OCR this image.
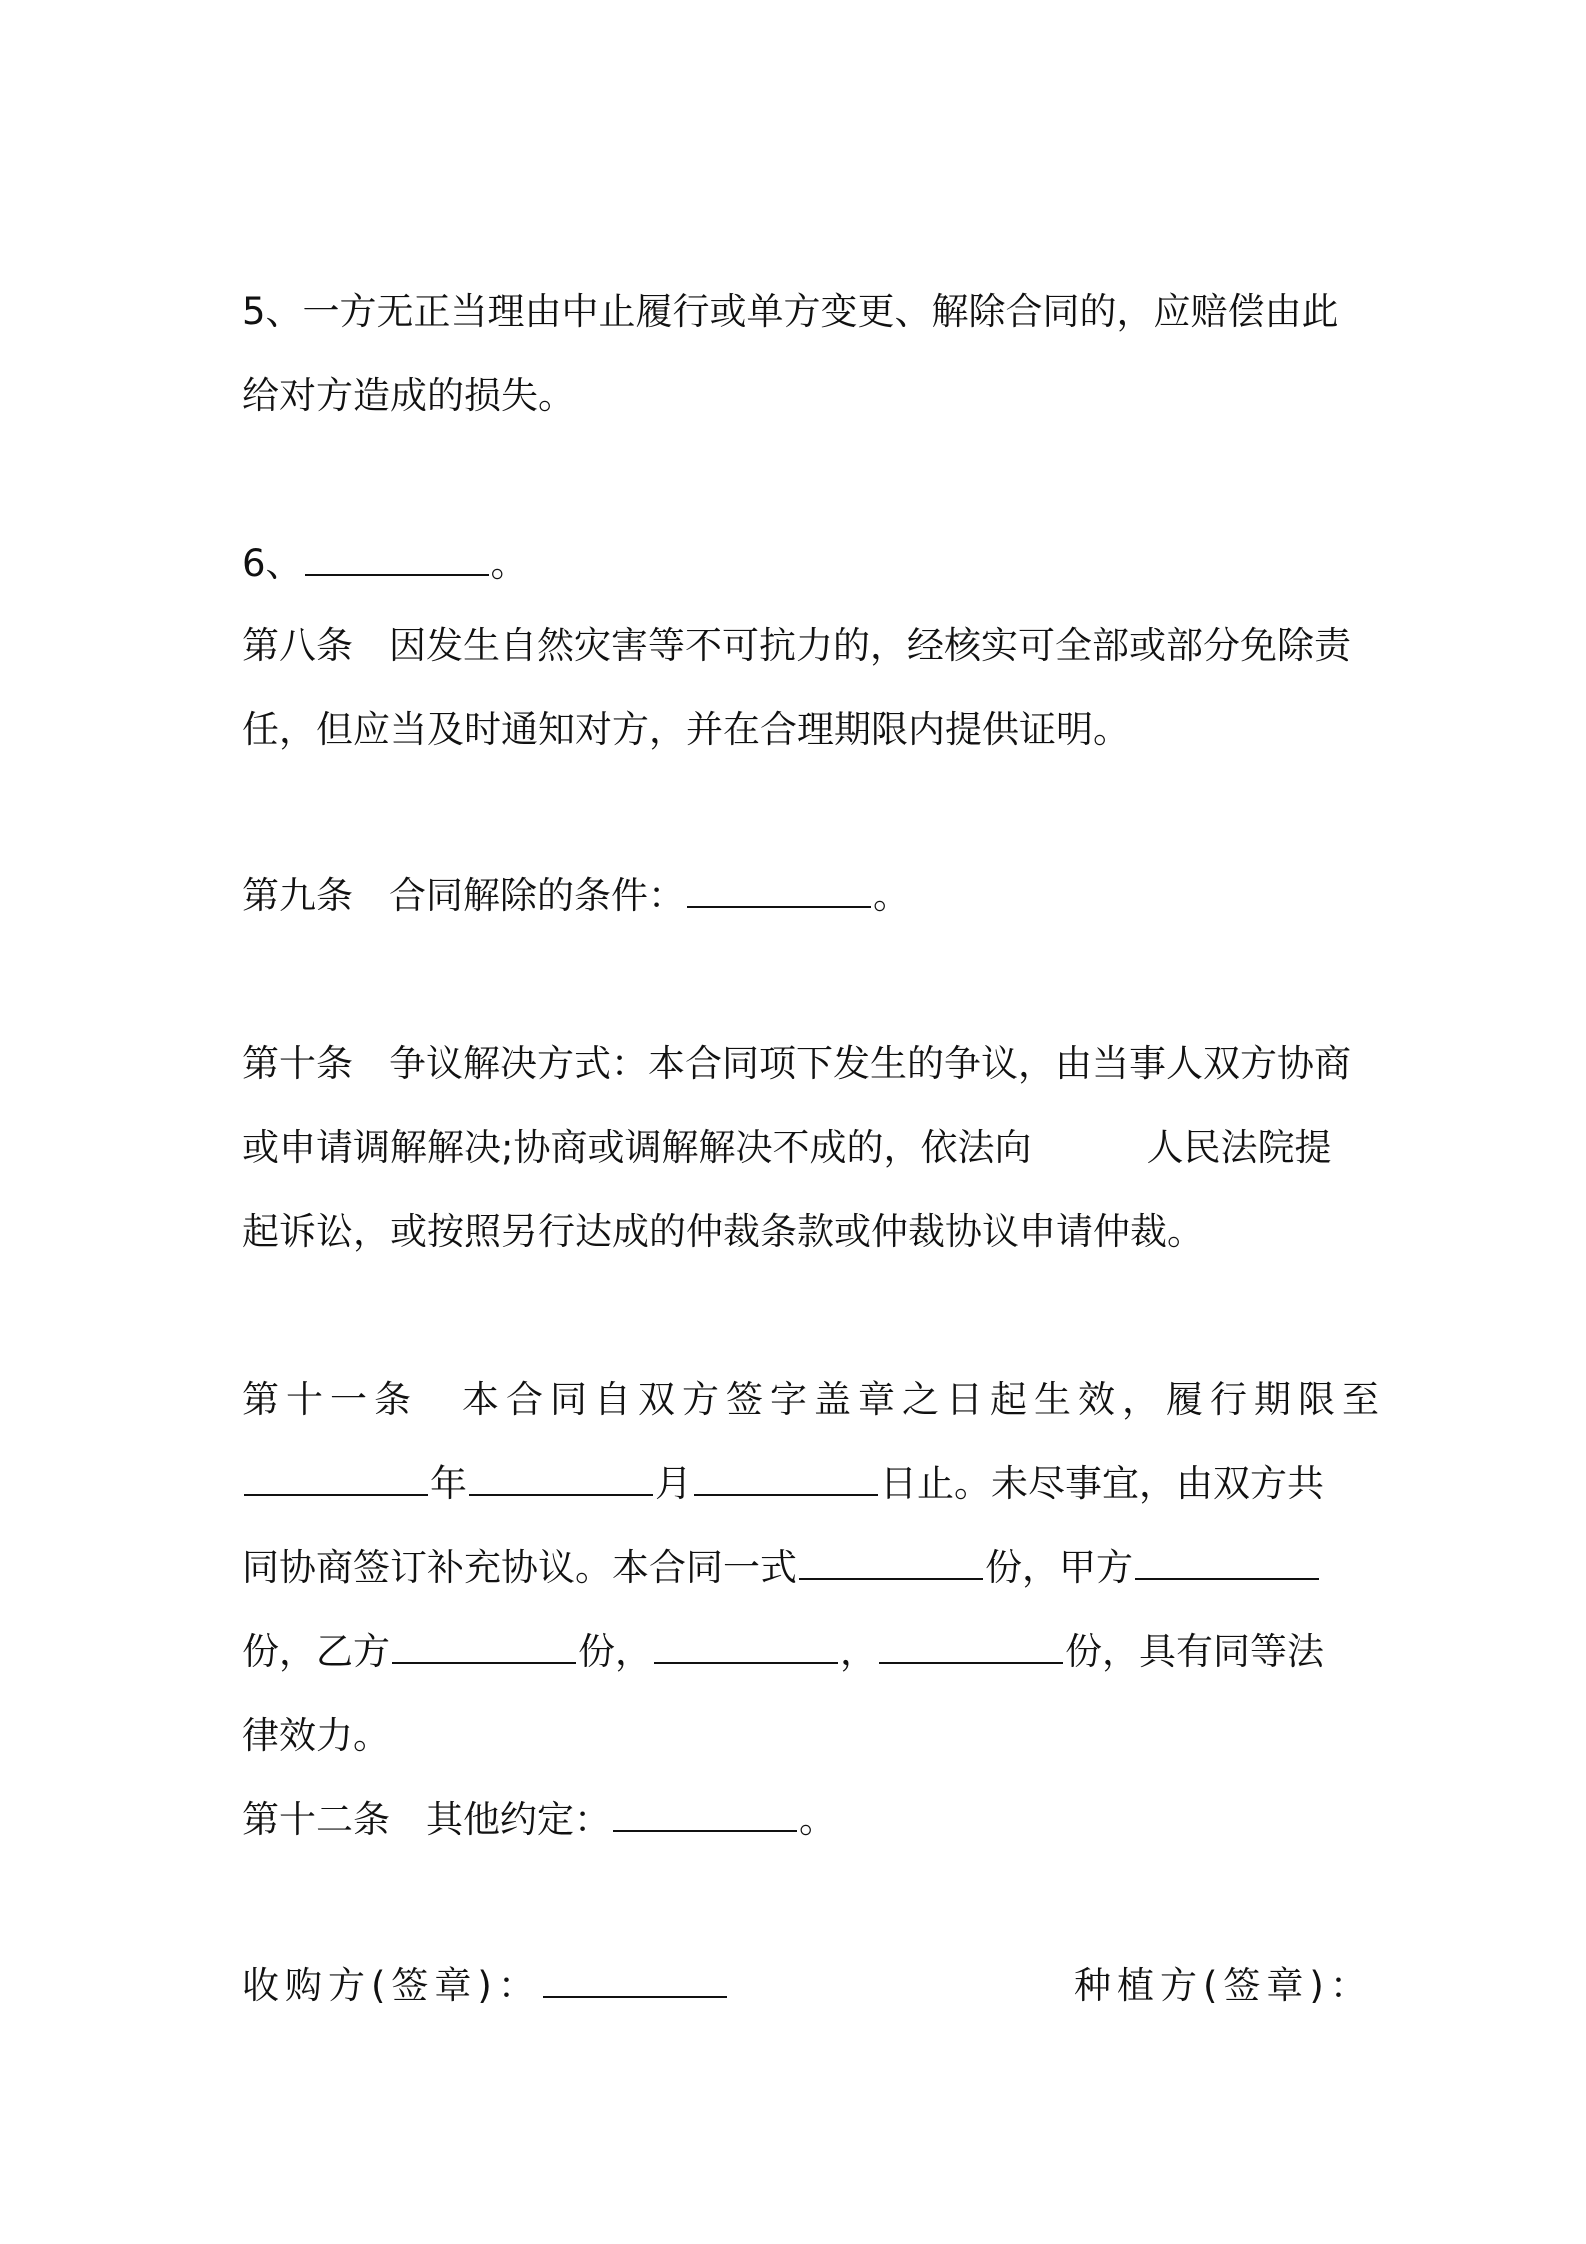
5、一方无正当理由中止履行或单方变更、解除合同的，应赔偿由此
给对方造成的损失。
6、	。
第八条 因发生自然灾害等不可抗力的，经核实可全部或部分免除责
任，但应当及时通知对方，并在合理期限内提供证明。
第九条 合同解除的条件：	。
第十条 争议解决方式：本合同项下发生的争议，由当事人双方协商
或申请调解解决;协商或调解解决不成的，依法向	人民法院提
起诉讼，或按照另行达成的仲裁条款或仲裁协议申请仲裁。
第十一条 本合同自双方签字盖章之日起生效，履行期限至
年	月	日止。未尽事宜，由双方共
同协商签订补充协议。本合同一式	份，甲方
份，乙方	份，	，	份，具有同等法
律效力。
第十二条 其他约定：	。
收购方(签章)：	种植方(签章)：
